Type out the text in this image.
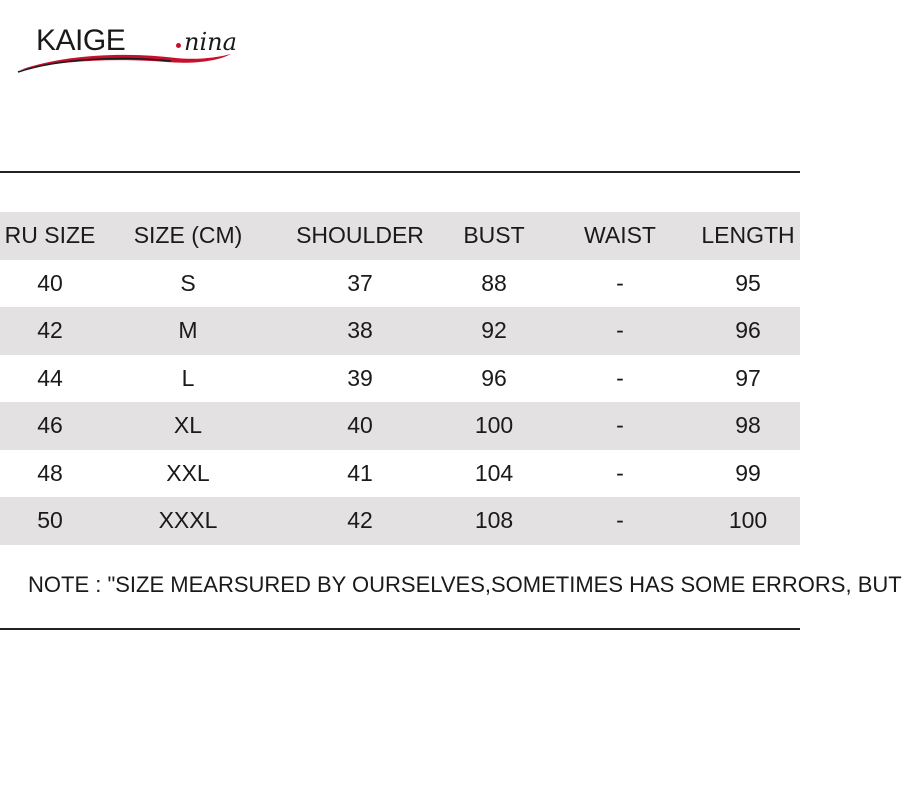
KAIGE nina
RU SIZE	SIZE (CM)	SHOULDER	BUST	WAIST	LENGTH
40	S	37	88	-	95
42	M	38	92	-	96
44	L	39	96	-	97
46	XL	40	100	-	98
48	XXL	41	104	-	99
50	XXXL	42	108	-	100
NOTE : "SIZE MEARSURED BY OURSELVES,SOMETIMES HAS SOME ERRORS, BUT
